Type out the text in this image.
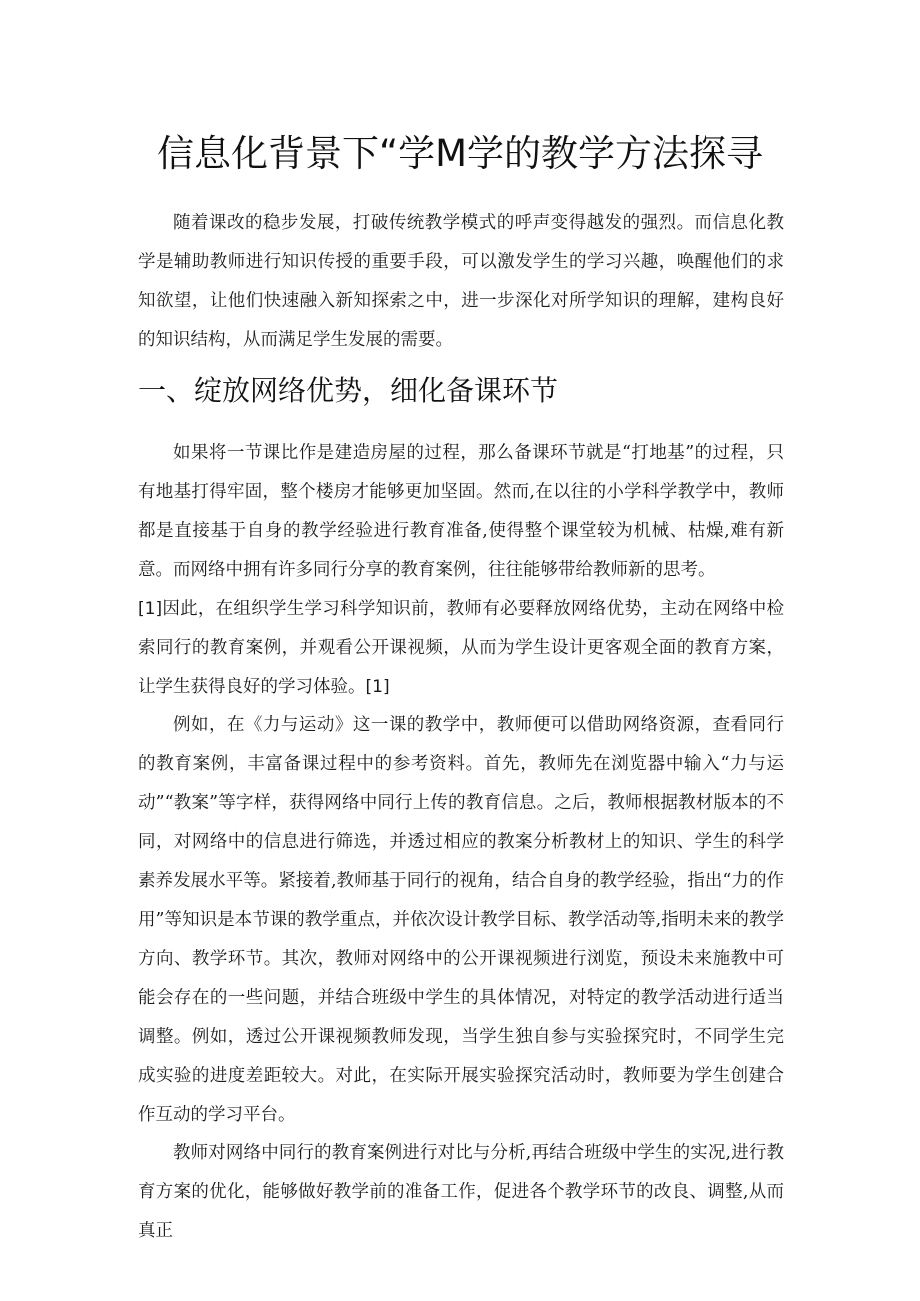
信息化背景下“学M学的教学方法探寻

随着课改的稳步发展，打破传统教学模式的呼声变得越发的强烈。而信息化教学是辅助教师进行知识传授的重要手段，可以激发学生的学习兴趣，唤醒他们的求知欲望，让他们快速融入新知探索之中，进一步深化对所学知识的理解，建构良好的知识结构，从而满足学生发展的需要。

一、绽放网络优势，细化备课环节

如果将一节课比作是建造房屋的过程，那么备课环节就是“打地基”的过程，只有地基打得牢固，整个楼房才能够更加坚固。然而,在以往的小学科学教学中，教师都是直接基于自身的教学经验进行教育准备,使得整个课堂较为机械、枯燥,难有新意。而网络中拥有许多同行分享的教育案例，往往能够带给教师新的思考。

[1]因此，在组织学生学习科学知识前，教师有必要释放网络优势，主动在网络中检索同行的教育案例，并观看公开课视频，从而为学生设计更客观全面的教育方案，让学生获得良好的学习体验。[1]

例如，在《力与运动》这一课的教学中，教师便可以借助网络资源，查看同行的教育案例，丰富备课过程中的参考资料。首先，教师先在浏览器中输入“力与运动”“教案”等字样，获得网络中同行上传的教育信息。之后，教师根据教材版本的不同，对网络中的信息进行筛选，并透过相应的教案分析教材上的知识、学生的科学素养发展水平等。紧接着,教师基于同行的视角，结合自身的教学经验，指出“力的作用”等知识是本节课的教学重点，并依次设计教学目标、教学活动等,指明未来的教学方向、教学环节。其次，教师对网络中的公开课视频进行浏览，预设未来施教中可能会存在的一些问题，并结合班级中学生的具体情况，对特定的教学活动进行适当调整。例如，透过公开课视频教师发现，当学生独自参与实验探究时，不同学生完成实验的进度差距较大。对此，在实际开展实验探究活动时，教师要为学生创建合作互动的学习平台。

教师对网络中同行的教育案例进行对比与分析,再结合班级中学生的实况,进行教育方案的优化，能够做好教学前的准备工作，促进各个教学环节的改良、调整,从而真正
